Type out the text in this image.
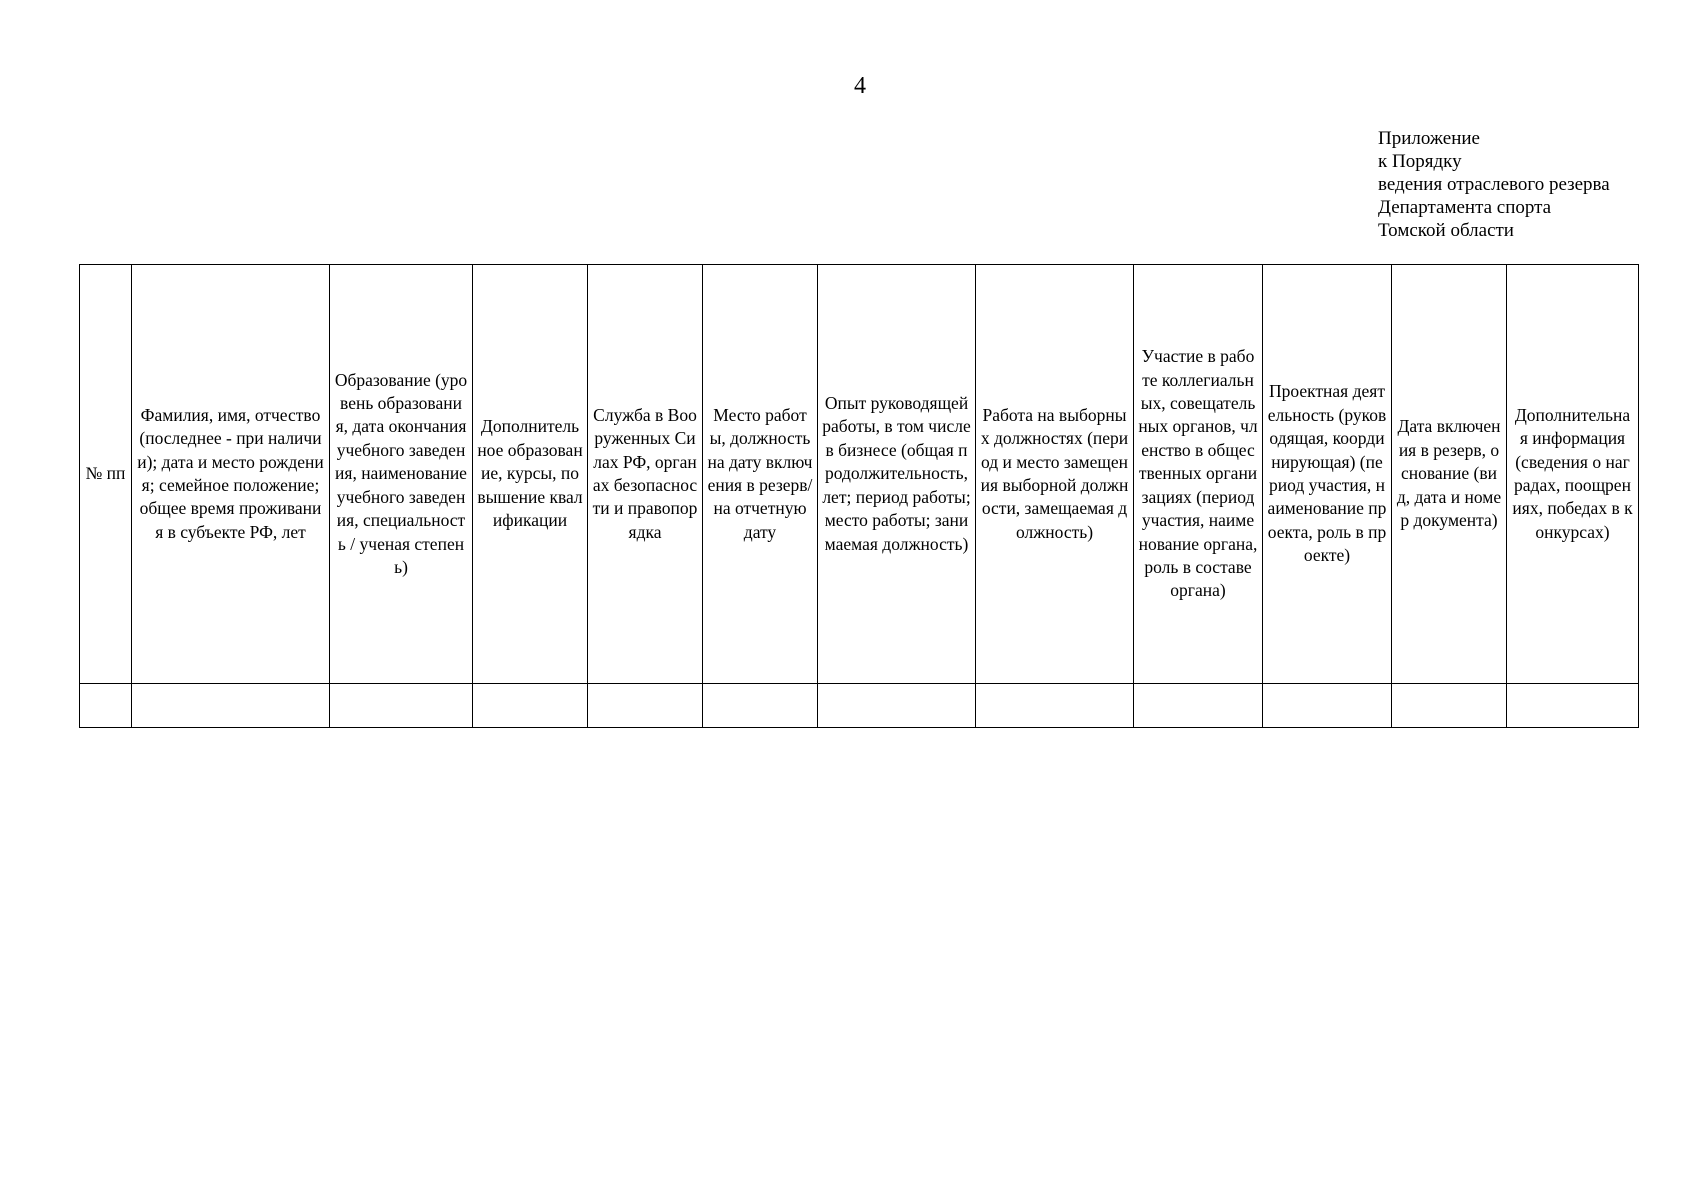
4
Приложение
к Порядку
ведения отраслевого резерва
Департамента спорта
Томской области
№ пп	Фамилия, имя, отчество (последнее - при наличии); дата и место рождения; семейное положение; общее время проживания в субъекте РФ, лет	Образование (уровень образования, дата окончания учебного заведения, наименование учебного заведения, специальность / ученая степень)	Дополнительное образование, курсы, повышение квалификации	Служба в Вооруженных Силах РФ, органах безопасности и правопорядка	Место работы, должность на дату включения в резерв/ на отчетную дату	Опыт руководящей работы, в том числе в бизнесе (общая продолжительность, лет; период работы; место работы; занимаемая должность)	Работа на выборных должностях (период и место замещения выборной должности, замещаемая должность)	Участие в работе коллегиальных, совещательных органов, членство в общественных организациях (период участия, наименование органа, роль в составе органа)	Проектная деятельность (руководящая, координирующая) (период участия, наименование проекта, роль в проекте)	Дата включения в резерв, основание (вид, дата и номер документа)	Дополнительная информация (сведения о наградах, поощрениях, победах в конкурсах)
